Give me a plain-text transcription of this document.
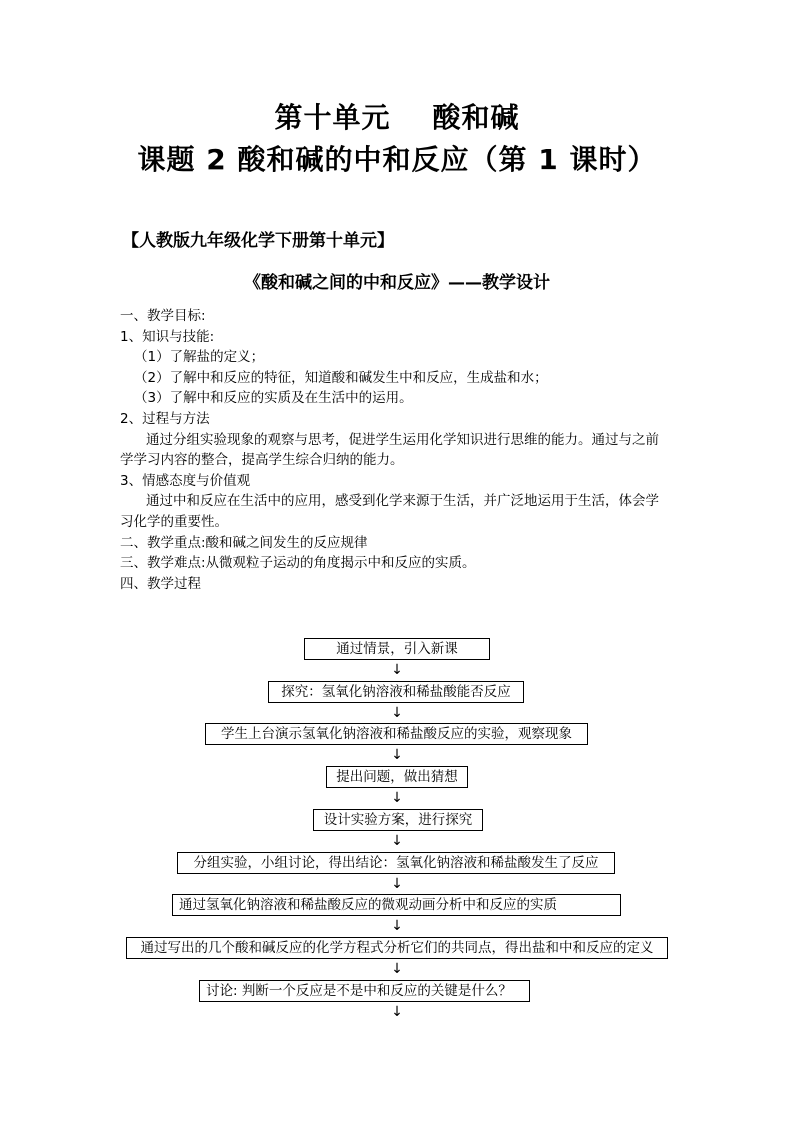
第十单元 酸和碱
课题 2 酸和碱的中和反应（第 1 课时）
【人教版九年级化学下册第十单元】
《酸和碱之间的中和反应》——教学设计
一、教学目标:
1、知识与技能:
（1）了解盐的定义；
（2）了解中和反应的特征，知道酸和碱发生中和反应，生成盐和水；
（3）了解中和反应的实质及在生活中的运用。
2、过程与方法
通过分组实验现象的观察与思考，促进学生运用化学知识进行思维的能力。通过与之前
学学习内容的整合，提高学生综合归纳的能力。
3、情感态度与价值观
通过中和反应在生活中的应用，感受到化学来源于生活，并广泛地运用于生活，体会学
习化学的重要性。
二、教学重点:酸和碱之间发生的反应规律
三、教学难点:从微观粒子运动的角度揭示中和反应的实质。
四、教学过程
通过情景，引入新课
↓
探究：氢氧化钠溶液和稀盐酸能否反应
↓
学生上台演示氢氧化钠溶液和稀盐酸反应的实验，观察现象
↓
提出问题，做出猜想
↓
设计实验方案，进行探究
↓
分组实验，小组讨论，得出结论：氢氧化钠溶液和稀盐酸发生了反应
↓
通过氢氧化钠溶液和稀盐酸反应的微观动画分析中和反应的实质
↓
通过写出的几个酸和碱反应的化学方程式分析它们的共同点，得出盐和中和反应的定义
↓
讨论: 判断一个反应是不是中和反应的关键是什么？
↓
